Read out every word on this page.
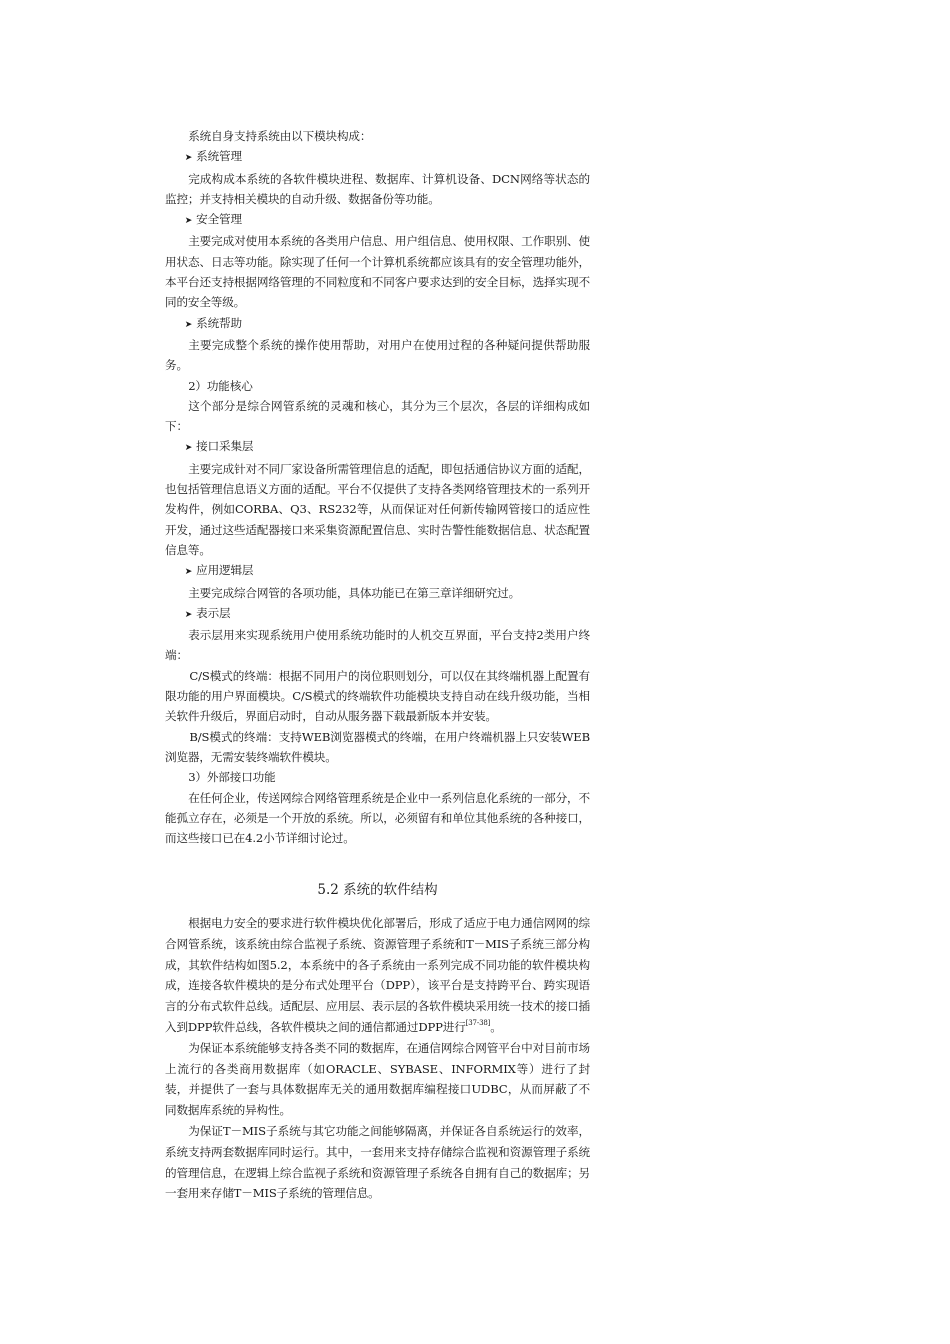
系统自身支持系统由以下模块构成：

➤ 系统管理

完成构成本系统的各软件模块进程、数据库、计算机设备、DCN网络等状态的监控；并支持相关模块的自动升级、数据备份等功能。

➤ 安全管理

主要完成对使用本系统的各类用户信息、用户组信息、使用权限、工作职别、使用状态、日志等功能。除实现了任何一个计算机系统都应该具有的安全管理功能外，本平台还支持根据网络管理的不同粒度和不同客户要求达到的安全目标，选择实现不同的安全等级。

➤ 系统帮助

主要完成整个系统的操作使用帮助，对用户在使用过程的各种疑问提供帮助服务。

2）功能核心

这个部分是综合网管系统的灵魂和核心，其分为三个层次，各层的详细构成如下：

➤ 接口采集层

主要完成针对不同厂家设备所需管理信息的适配，即包括通信协议方面的适配，也包括管理信息语义方面的适配。平台不仅提供了支持各类网络管理技术的一系列开发构件，例如CORBA、Q3、RS232等，从而保证对任何新传输网管接口的适应性开发，通过这些适配器接口来采集资源配置信息、实时告警性能数据信息、状态配置信息等。

➤ 应用逻辑层

主要完成综合网管的各项功能，具体功能已在第三章详细研究过。

➤ 表示层

表示层用来实现系统用户使用系统功能时的人机交互界面，平台支持2类用户终端：

C/S模式的终端：根据不同用户的岗位职则划分，可以仅在其终端机器上配置有限功能的用户界面模块。C/S模式的终端软件功能模块支持自动在线升级功能，当相关软件升级后，界面启动时，自动从服务器下载最新版本并安装。

B/S模式的终端：支持WEB浏览器模式的终端，在用户终端机器上只安装WEB浏览器，无需安装终端软件模块。

3）外部接口功能

在任何企业，传送网综合网络管理系统是企业中一系列信息化系统的一部分，不能孤立存在，必须是一个开放的系统。所以，必须留有和单位其他系统的各种接口，而这些接口已在4.2小节详细讨论过。

5.2 系统的软件结构

根据电力安全的要求进行软件模块优化部署后，形成了适应于电力通信网网的综合网管系统，该系统由综合监视子系统、资源管理子系统和T－MIS子系统三部分构成，其软件结构如图5.2，本系统中的各子系统由一系列完成不同功能的软件模块构成，连接各软件模块的是分布式处理平台（DPP），该平台是支持跨平台、跨实现语言的分布式软件总线。适配层、应用层、表示层的各软件模块采用统一技术的接口插入到DPP软件总线，各软件模块之间的通信都通过DPP进行[37-38]。

为保证本系统能够支持各类不同的数据库，在通信网综合网管平台中对目前市场上流行的各类商用数据库（如ORACLE、SYBASE、INFORMIX等）进行了封装，并提供了一套与具体数据库无关的通用数据库编程接口UDBC，从而屏蔽了不同数据库系统的异构性。

为保证T－MIS子系统与其它功能之间能够隔离，并保证各自系统运行的效率，系统支持两套数据库同时运行。其中，一套用来支持存储综合监视和资源管理子系统的管理信息，在逻辑上综合监视子系统和资源管理子系统各自拥有自己的数据库；另一套用来存储T－MIS子系统的管理信息。
